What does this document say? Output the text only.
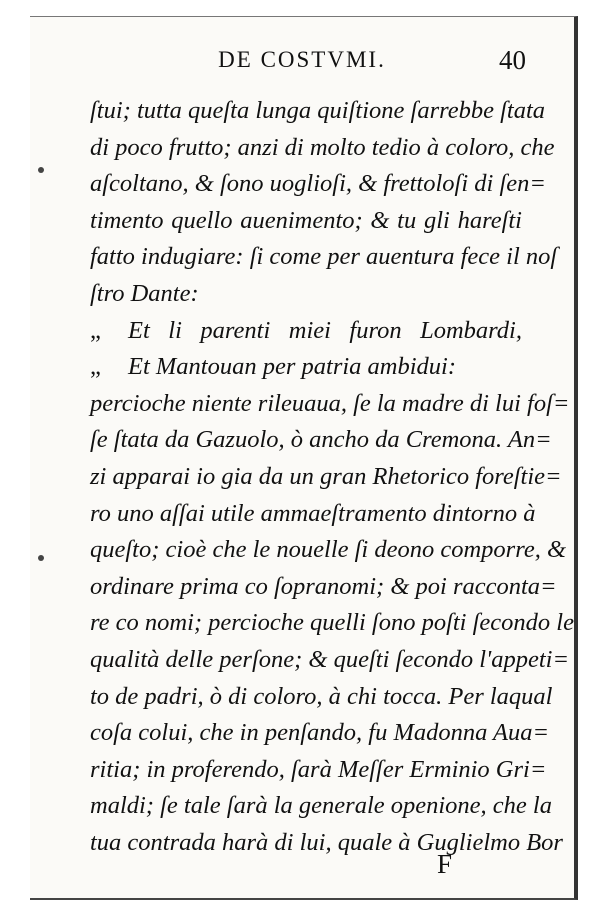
DE COSTVMI.	40
ſtui; tutta queſta lunga quiſtione ſarrebbe ſtata
di poco frutto; anzi di molto tedio à coloro, che
aſcoltano, & ſono uoglioſi, & frettoloſi di ſen=
timento quello auenimento; & tu gli hareſti
fatto indugiare: ſi come per auentura fece il noſ
ſtro Dante:
„ Et li parenti miei furon Lombardi,
„ Et Mantouan per patria ambidui:
percioche niente rileuaua, ſe la madre di lui foſ=
ſe ſtata da Gazuolo, ò ancho da Cremona. An=
zi apparai io gia da un gran Rhetorico foreſtie=
ro uno aſſai utile ammaeſtramento dintorno à
queſto; cioè che le nouelle ſi deono comporre, &
ordinare prima co ſopranomi; & poi racconta=
re co nomi; percioche quelli ſono poſti ſecondo le
qualità delle perſone; & queſti ſecondo l'appeti=
to de padri, ò di coloro, à chi tocca. Per laqual
coſa colui, che in penſando, fu Madonna Aua=
ritia; in proferendo, ſarà Meſſer Erminio Gri=
maldi; ſe tale ſarà la generale openione, che la
tua contrada harà di lui, quale à Guglielmo Bor
F
